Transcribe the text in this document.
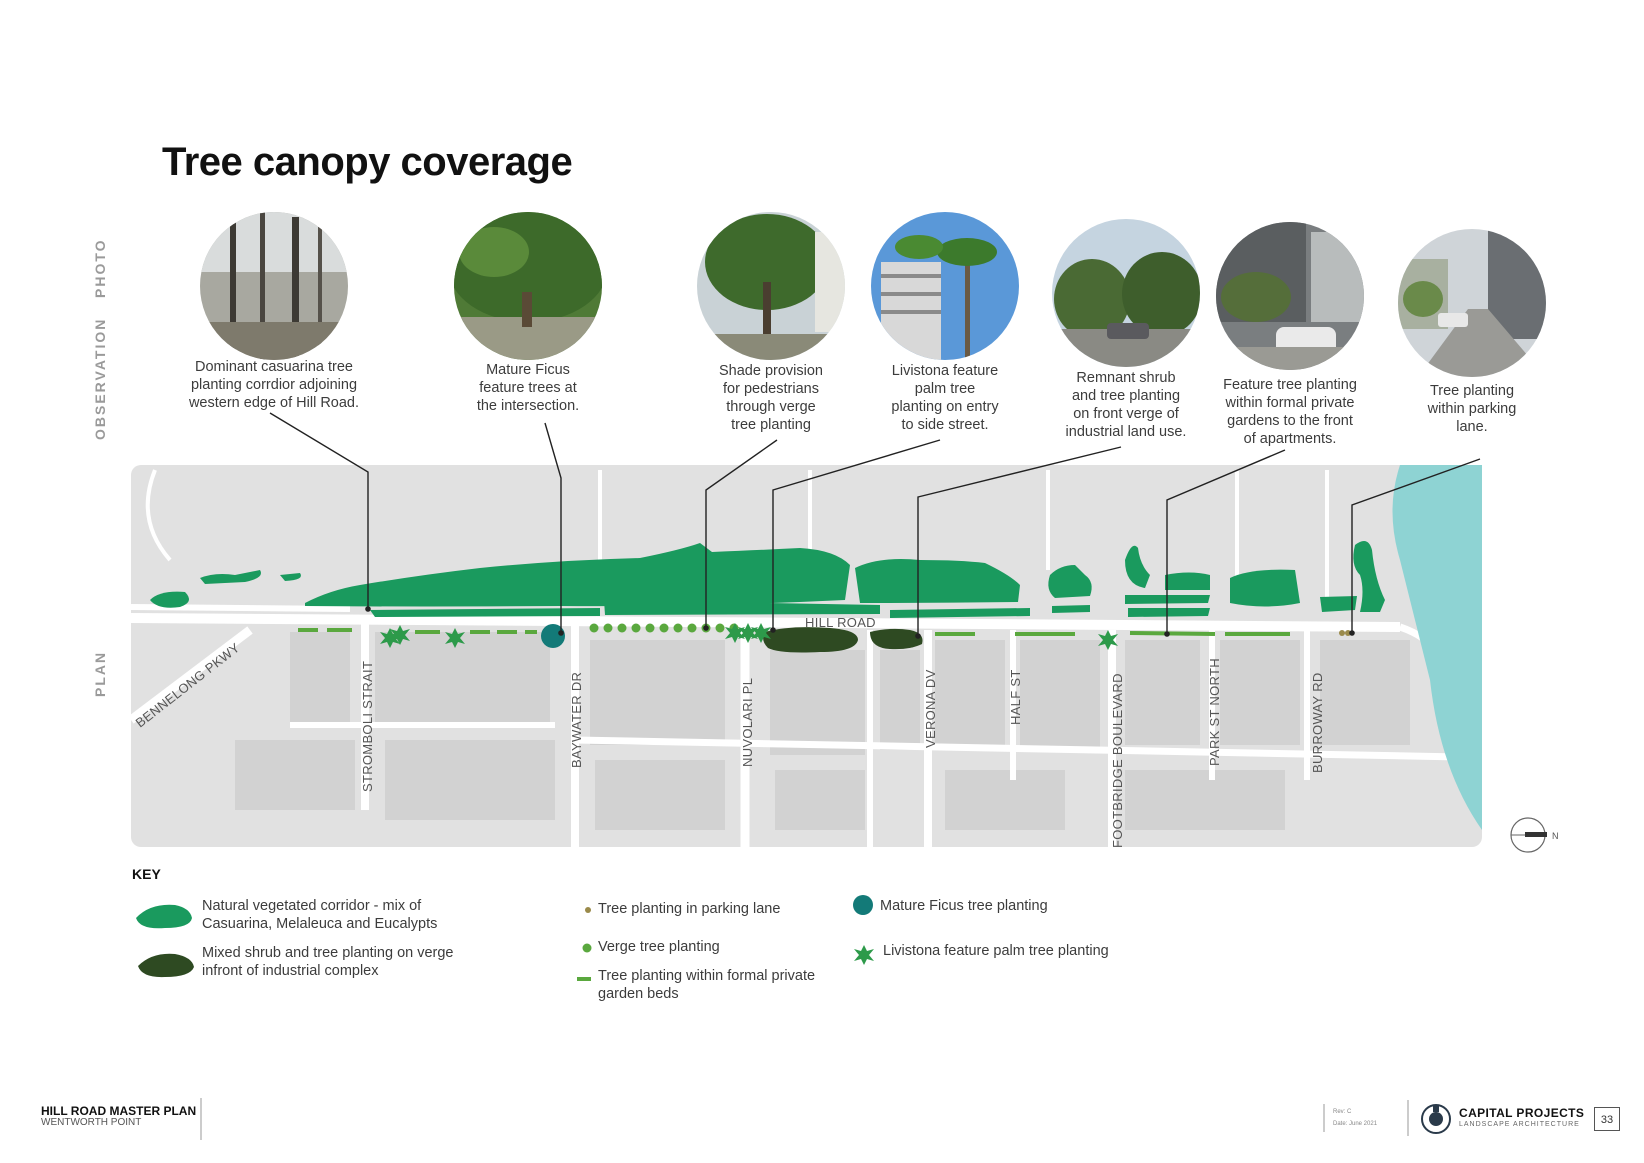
Tree canopy coverage
PHOTO
OBSERVATION
PLAN
Dominant casuarina tree
planting corrdior adjoining
western edge of Hill Road.
Mature Ficus
feature trees at
the intersection.
Shade provision
for pedestrians
through verge
tree planting
Livistona feature
palm tree
planting on entry
to side street.
Remnant shrub
and tree planting
on front verge of
industrial land use.
Feature tree planting
within formal private
gardens to the front
of apartments.
Tree planting
within parking
lane.
HILL ROAD
BENNELONG PKWY	STROMBOLI STRAIT	BAYWATER DR	NUVOLARI PL	VERONA DV	HALF ST	FOOTBRIDGE BOULEVARD	PARK ST NORTH	BURROWAY RD
N
KEY
Natural vegetated corridor - mix of
Casuarina, Melaleuca and Eucalypts
Mixed shrub and tree planting on verge
infront of industrial complex
Tree planting in parking lane
Verge tree planting
Tree planting within formal private
garden beds
Mature Ficus tree planting
Livistona feature palm tree planting
HILL ROAD MASTER PLAN
WENTWORTH POINT
Rev: C
Date: June 2021
CAPITAL PROJECTS
LANDSCAPE ARCHITECTURE	33
